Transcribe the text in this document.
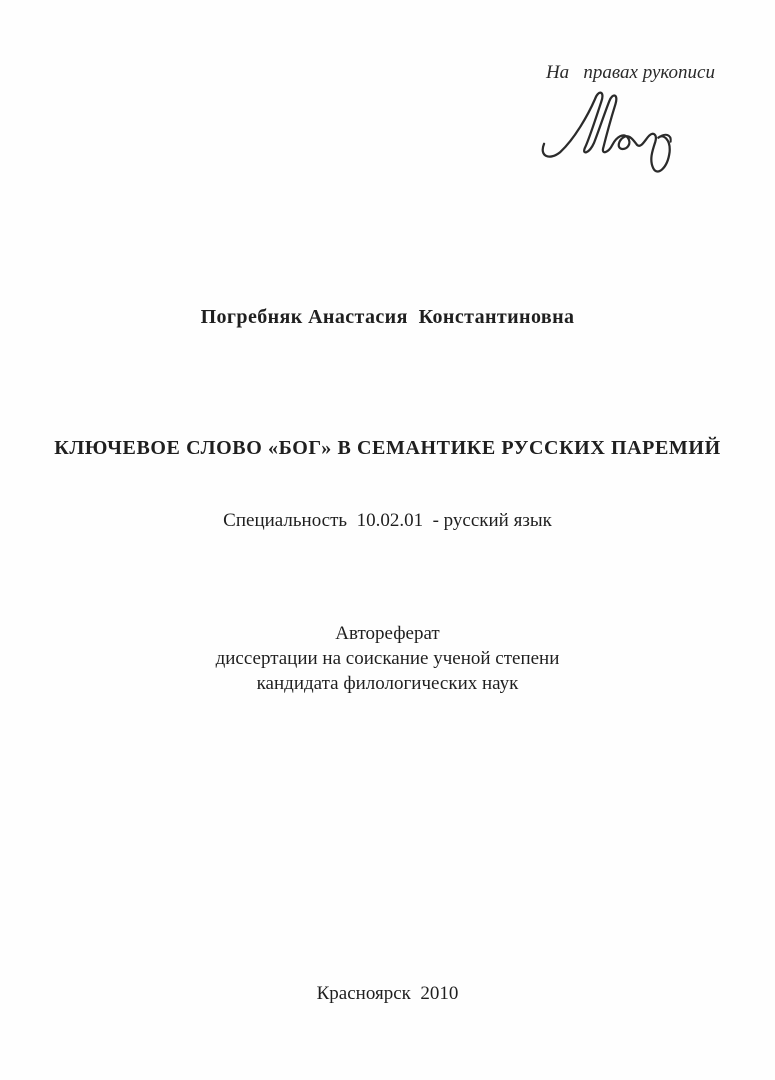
На   правах рукописи
Погребняк Анастасия  Константиновна
КЛЮЧЕВОЕ СЛОВО «БОГ» В СЕМАНТИКЕ РУССКИХ ПАРЕМИЙ
Специальность  10.02.01  - русский язык
Автореферат
диссертации на соискание ученой степени
кандидата филологических наук
Красноярск  2010
